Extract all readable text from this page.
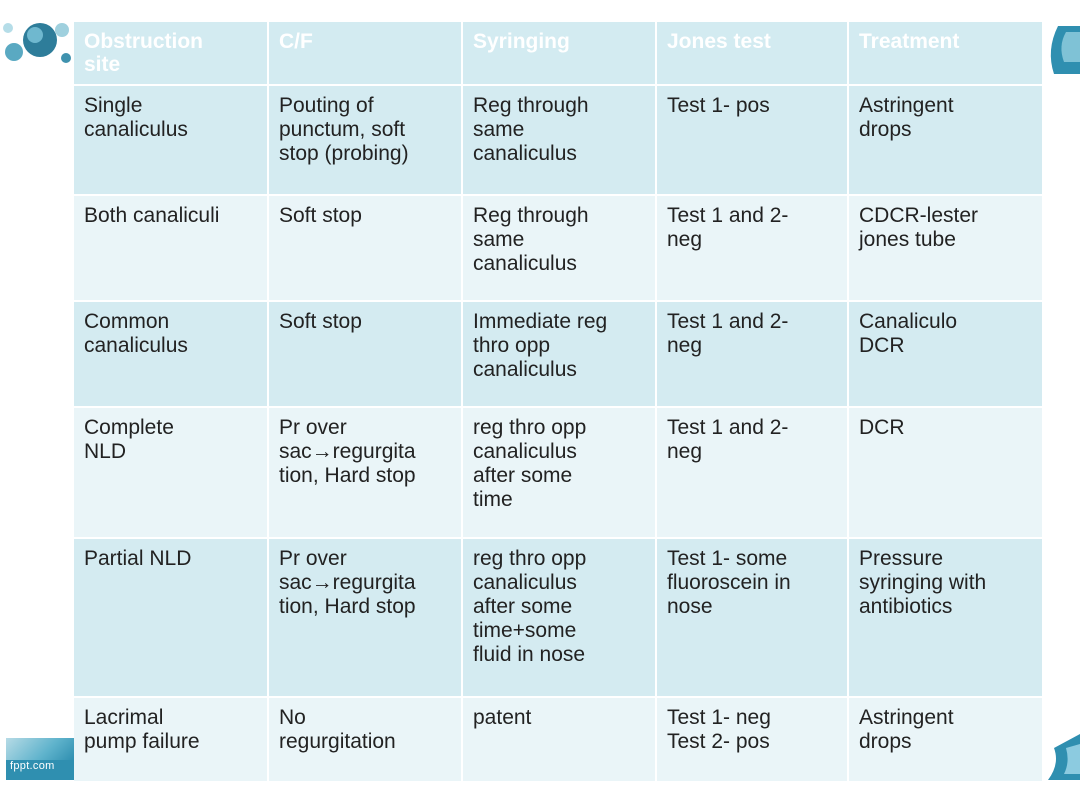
fppt.com
Obstruction
site	C/F	Syringing	Jones test	Treatment

Single
canaliculus	Pouting of
punctum, soft
stop (probing)	Reg through
same
canaliculus	Test 1- pos	Astringent
drops

Both canaliculi	Soft stop	Reg through
same
canaliculus	Test 1 and 2-
neg	CDCR-lester
jones tube

Common
canaliculus	Soft stop	Immediate reg
thro opp
canaliculus	Test 1 and 2-
neg	Canaliculo
DCR

Complete
NLD	Pr over
sac→regurgita
tion, Hard stop	reg thro opp
canaliculus
after some
time	Test 1 and 2-
neg	DCR

Partial NLD	Pr over
sac→regurgita
tion, Hard stop	reg thro opp
canaliculus
after some
time+some
fluid in nose	Test 1- some
fluoroscein in
nose	Pressure
syringing with
antibiotics

Lacrimal
pump failure	No
regurgitation	patent	Test 1- neg
Test 2- pos	Astringent
drops
